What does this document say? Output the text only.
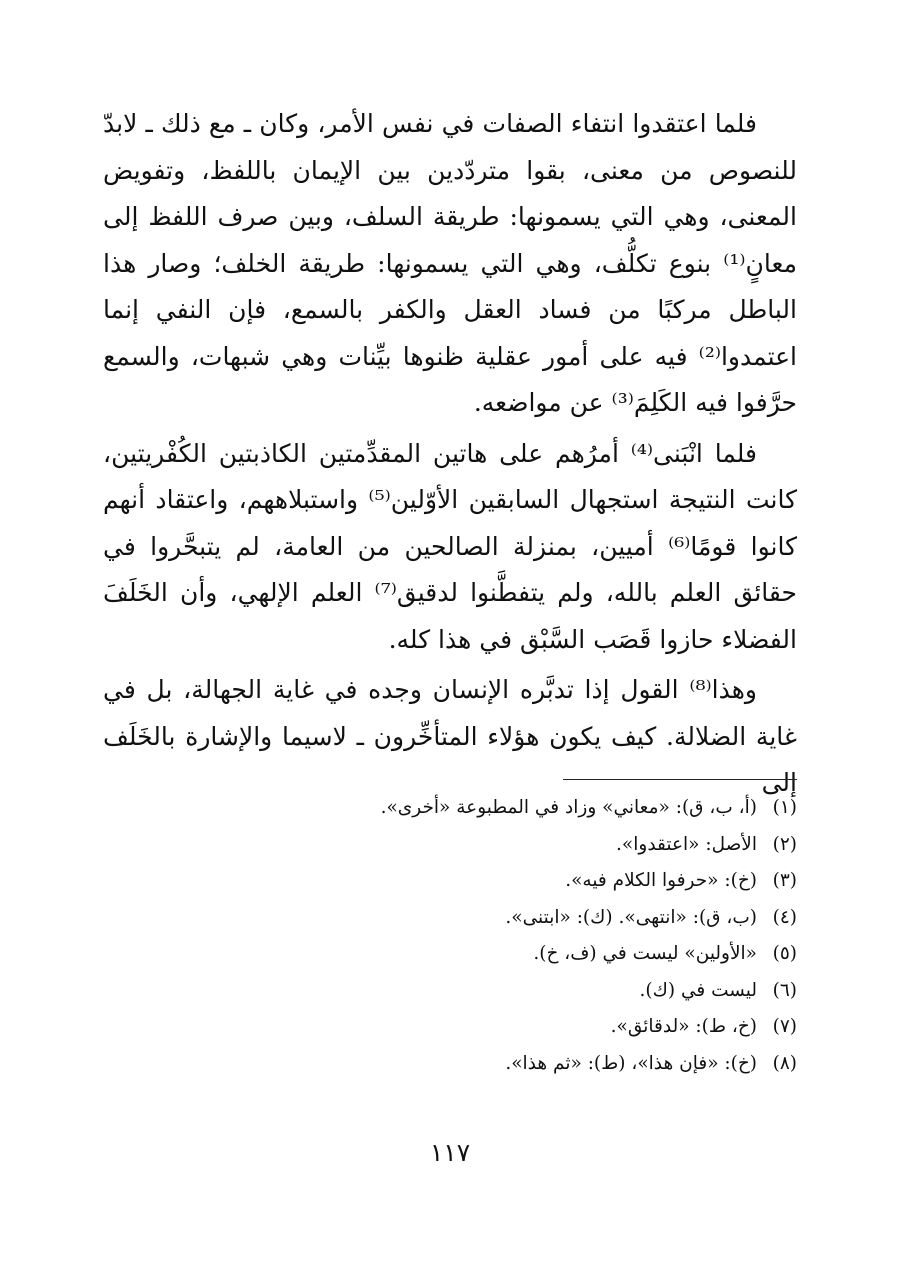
فلما اعتقدوا انتفاء الصفات في نفس الأمر، وكان ـ مع ذلك ـ لابدّ للنصوص من معنى، بقوا متردّدين بين الإيمان باللفظ، وتفويض المعنى، وهي التي يسمونها: طريقة السلف، وبين صرف اللفظ إلى معانٍ⁽¹⁾ بنوع تكلُّف، وهي التي يسمونها: طريقة الخلف؛ وصار هذا الباطل مركبًا من فساد العقل والكفر بالسمع، فإن النفي إنما اعتمدوا⁽²⁾ فيه على أمور عقلية ظنوها بيِّنات وهي شبهات، والسمع حرَّفوا فيه الكَلِمَ⁽³⁾ عن مواضعه.

فلما انْبَنى⁽⁴⁾ أمرُهم على هاتين المقدِّمتين الكاذبتين الكُفْريتين، كانت النتيجة استجهال السابقين الأوّلين⁽⁵⁾ واستبلاههم، واعتقاد أنهم كانوا قومًا⁽⁶⁾ أميين، بمنزلة الصالحين من العامة، لم يتبحَّروا في حقائق العلم بالله، ولم يتفطَّنوا لدقيق⁽⁷⁾ العلم الإلهي، وأن الخَلَفَ الفضلاء حازوا قَصَب السَّبْق في هذا كله.

وهذا⁽⁸⁾ القول إذا تدبَّره الإنسان وجده في غاية الجهالة، بل في غاية الضلالة. كيف يكون هؤلاء المتأخِّرون ـ لاسيما والإشارة بالخَلَف إلى

(١)(أ، ب، ق): «معاني» وزاد في المطبوعة «أخرى».
(٢)الأصل: «اعتقدوا».
(٣)(خ): «حرفوا الكلام فيه».
(٤)(ب، ق): «انتهى». (ك): «ابتنى».
(٥)«الأولين» ليست في (ف، خ).
(٦)ليست في (ك).
(٧)(خ، ط): «لدقائق».
(٨)(خ): «فإن هذا»، (ط): «ثم هذا».
١١٧
